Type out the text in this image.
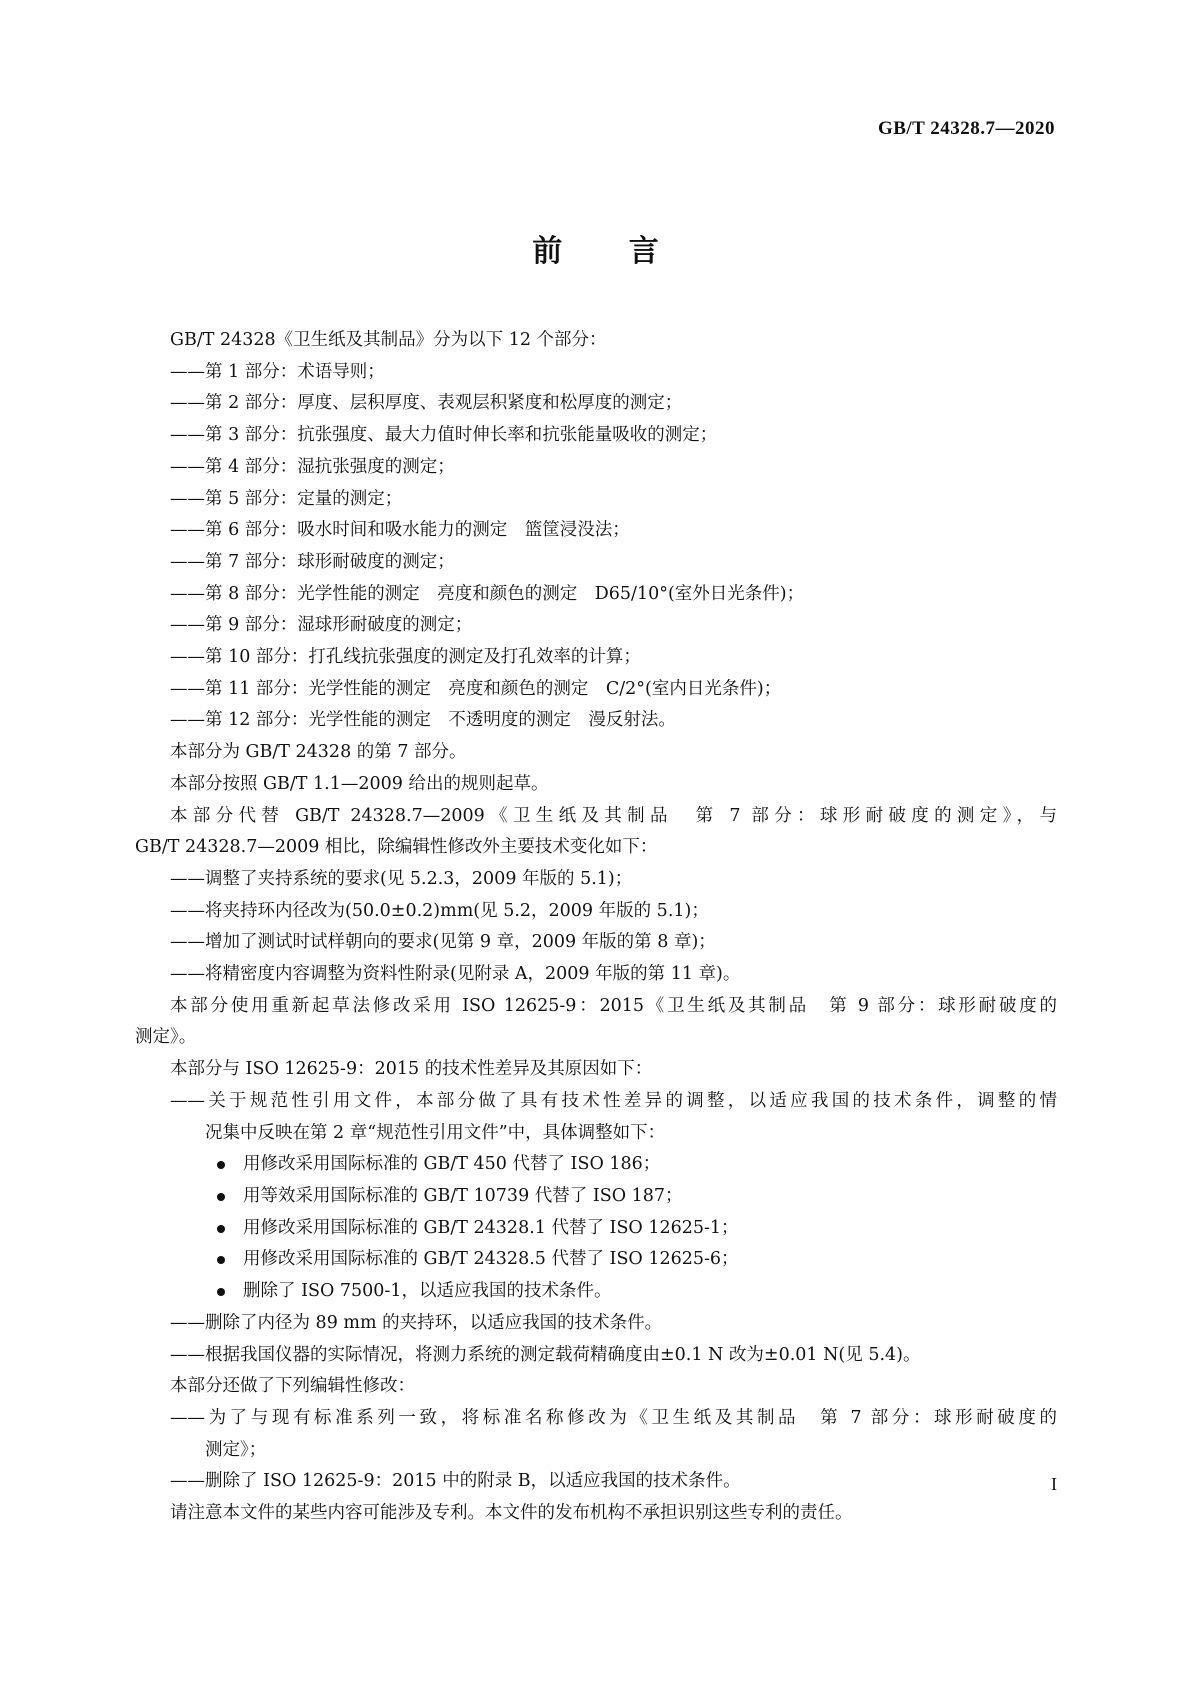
GB/T 24328.7—2020
前 言

GB/T 24328《卫生纸及其制品》分为以下 12 个部分：

——第 1 部分：术语导则；

——第 2 部分：厚度、层积厚度、表观层积紧度和松厚度的测定；

——第 3 部分：抗张强度、最大力值时伸长率和抗张能量吸收的测定；

——第 4 部分：湿抗张强度的测定；

——第 5 部分：定量的测定；

——第 6 部分：吸水时间和吸水能力的测定　篮筐浸没法；

——第 7 部分：球形耐破度的测定；

——第 8 部分：光学性能的测定　亮度和颜色的测定　D65/10°(室外日光条件)；

——第 9 部分：湿球形耐破度的测定；

——第 10 部分：打孔线抗张强度的测定及打孔效率的计算；

——第 11 部分：光学性能的测定　亮度和颜色的测定　C/2°(室内日光条件)；

——第 12 部分：光学性能的测定　不透明度的测定　漫反射法。

本部分为 GB/T 24328 的第 7 部分。

本部分按照 GB/T 1.1—2009 给出的规则起草。

本部分代替 GB/T 24328.7—2009《卫生纸及其制品　第 7 部分：球形耐破度的测定》，与

GB/T 24328.7—2009 相比，除编辑性修改外主要技术变化如下：

——调整了夹持系统的要求(见 5.2.3，2009 年版的 5.1)；

——将夹持环内径改为(50.0±0.2)mm(见 5.2，2009 年版的 5.1)；

——增加了测试时试样朝向的要求(见第 9 章，2009 年版的第 8 章)；

——将精密度内容调整为资料性附录(见附录 A，2009 年版的第 11 章)。

本部分使用重新起草法修改采用 ISO 12625-9：2015《卫生纸及其制品　第 9 部分：球形耐破度的

测定》。

本部分与 ISO 12625-9：2015 的技术性差异及其原因如下：

——关于规范性引用文件，本部分做了具有技术性差异的调整，以适应我国的技术条件，调整的情

况集中反映在第 2 章“规范性引用文件”中，具体调整如下：

用修改采用国际标准的 GB/T 450 代替了 ISO 186；

用等效采用国际标准的 GB/T 10739 代替了 ISO 187；

用修改采用国际标准的 GB/T 24328.1 代替了 ISO 12625-1；

用修改采用国际标准的 GB/T 24328.5 代替了 ISO 12625-6；

删除了 ISO 7500-1，以适应我国的技术条件。

——删除了内径为 89 mm 的夹持环，以适应我国的技术条件。

——根据我国仪器的实际情况，将测力系统的测定载荷精确度由±0.1 N 改为±0.01 N(见 5.4)。

本部分还做了下列编辑性修改：

——为了与现有标准系列一致，将标准名称修改为《卫生纸及其制品　第 7 部分：球形耐破度的

测定》；

——删除了 ISO 12625-9：2015 中的附录 B，以适应我国的技术条件。

请注意本文件的某些内容可能涉及专利。本文件的发布机构不承担识别这些专利的责任。

I
